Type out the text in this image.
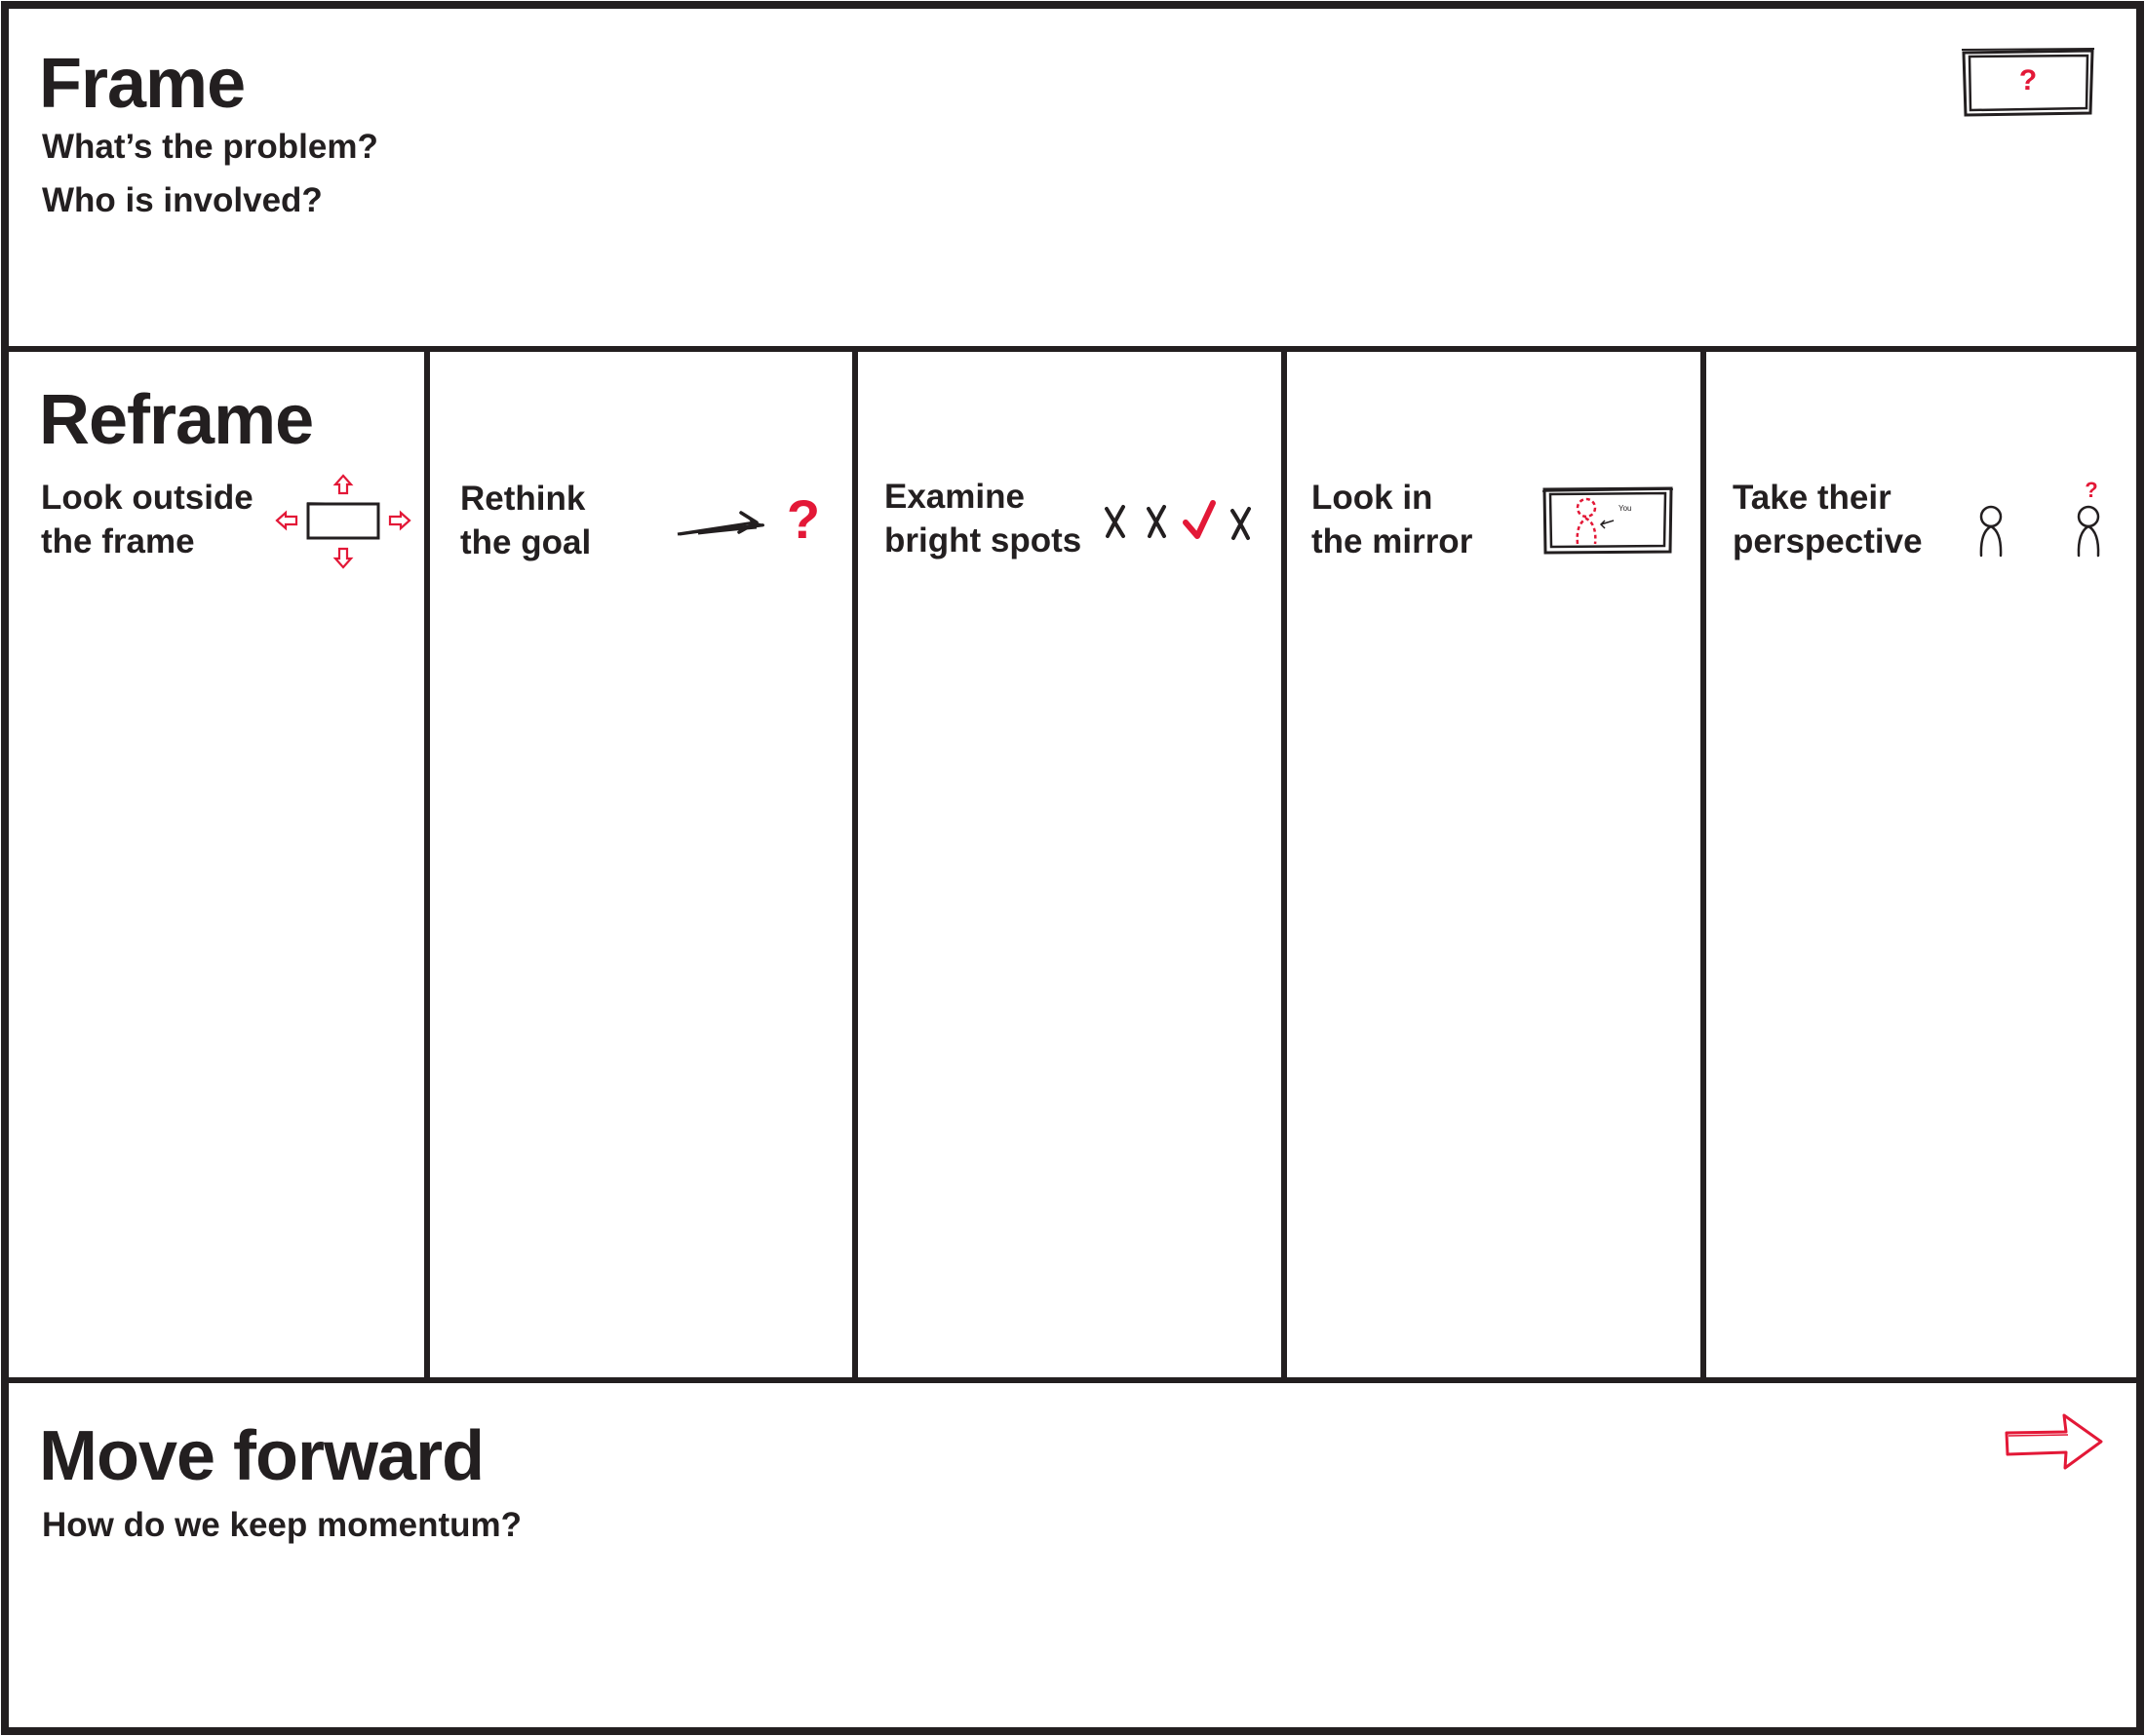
Frame
What’s the problem?
Who is involved?
?
Reframe
Look outside
the frame
Rethink
the goal	? Examine
bright spots
Look in
the mirror
You	Take their
perspective
?
Move forward
How do we keep momentum?
